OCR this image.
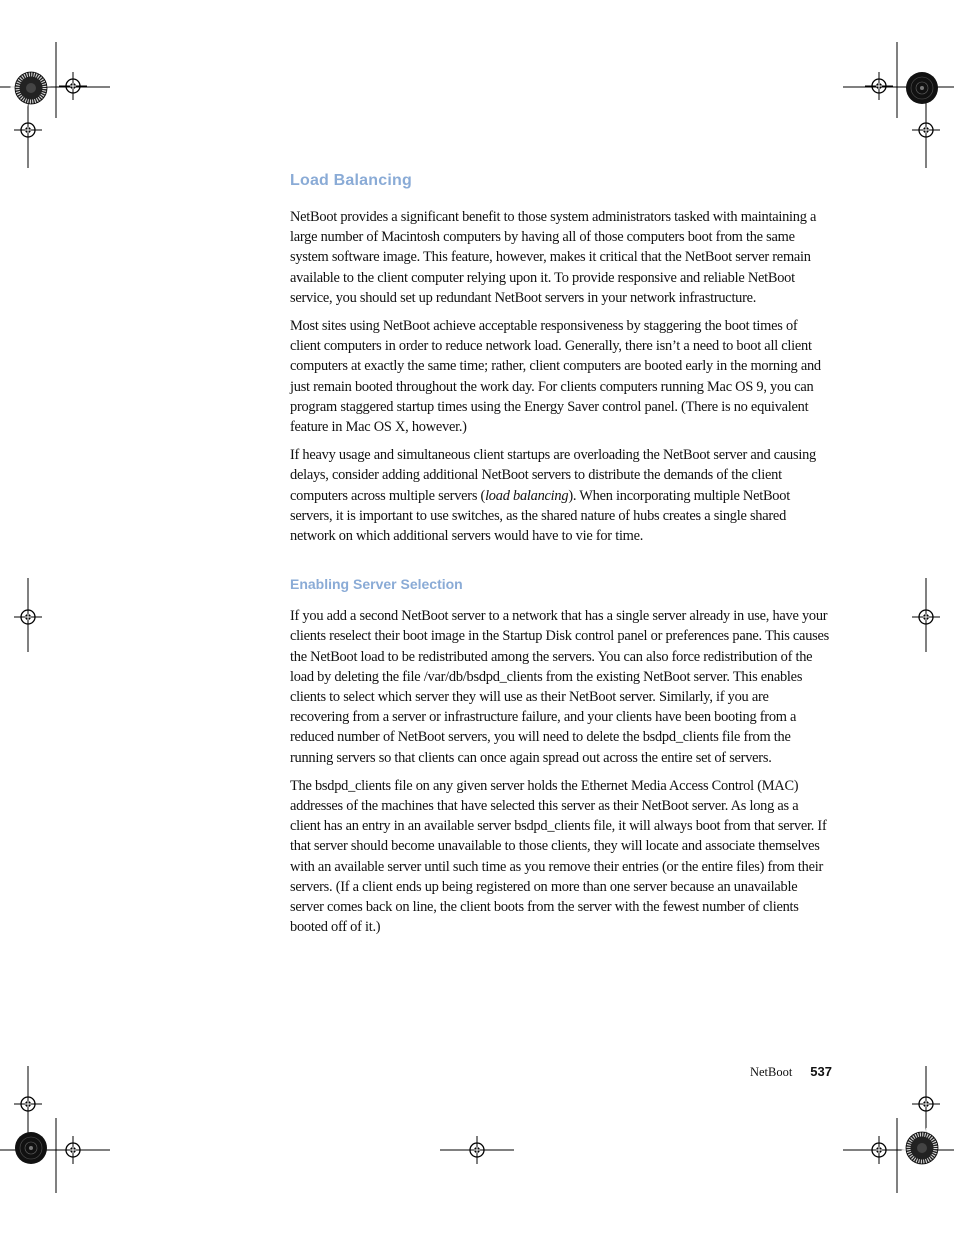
Load Balancing

NetBoot provides a significant benefit to those system administrators tasked with maintaining a large number of Macintosh computers by having all of those computers boot from the same system software image. This feature, however, makes it critical that the NetBoot server remain available to the client computer relying upon it. To provide responsive and reliable NetBoot service, you should set up redundant NetBoot servers in your network infrastructure.

Most sites using NetBoot achieve acceptable responsiveness by staggering the boot times of client computers in order to reduce network load. Generally, there isn’t a need to boot all client computers at exactly the same time; rather, client computers are booted early in the morning and just remain booted throughout the work day. For clients computers running Mac OS 9, you can program staggered startup times using the Energy Saver control panel. (There is no equivalent feature in Mac OS X, however.)

If heavy usage and simultaneous client startups are overloading the NetBoot server and causing delays, consider adding additional NetBoot servers to distribute the demands of the client computers across multiple servers (load balancing). When incorporating multiple NetBoot servers, it is important to use switches, as the shared nature of hubs creates a single shared network on which additional servers would have to vie for time.

Enabling Server Selection

If you add a second NetBoot server to a network that has a single server already in use, have your clients reselect their boot image in the Startup Disk control panel or preferences pane. This causes the NetBoot load to be redistributed among the servers. You can also force redistribution of the load by deleting the file /var/db/bsdpd_clients from the existing NetBoot server. This enables clients to select which server they will use as their NetBoot server. Similarly, if you are recovering from a server or infrastructure failure, and your clients have been booting from a reduced number of NetBoot servers, you will need to delete the bsdpd_clients file from the running servers so that clients can once again spread out across the entire set of servers.

The bsdpd_clients file on any given server holds the Ethernet Media Access Control (MAC) addresses of the machines that have selected this server as their NetBoot server. As long as a client has an entry in an available server bsdpd_clients file, it will always boot from that server. If that server should become unavailable to those clients, they will locate and associate themselves with an available server until such time as you remove their entries (or the entire files) from their servers. (If a client ends up being registered on more than one server because an unavailable server comes back on line, the client boots from the server with the fewest number of clients booted off of it.)

NetBoot 537
